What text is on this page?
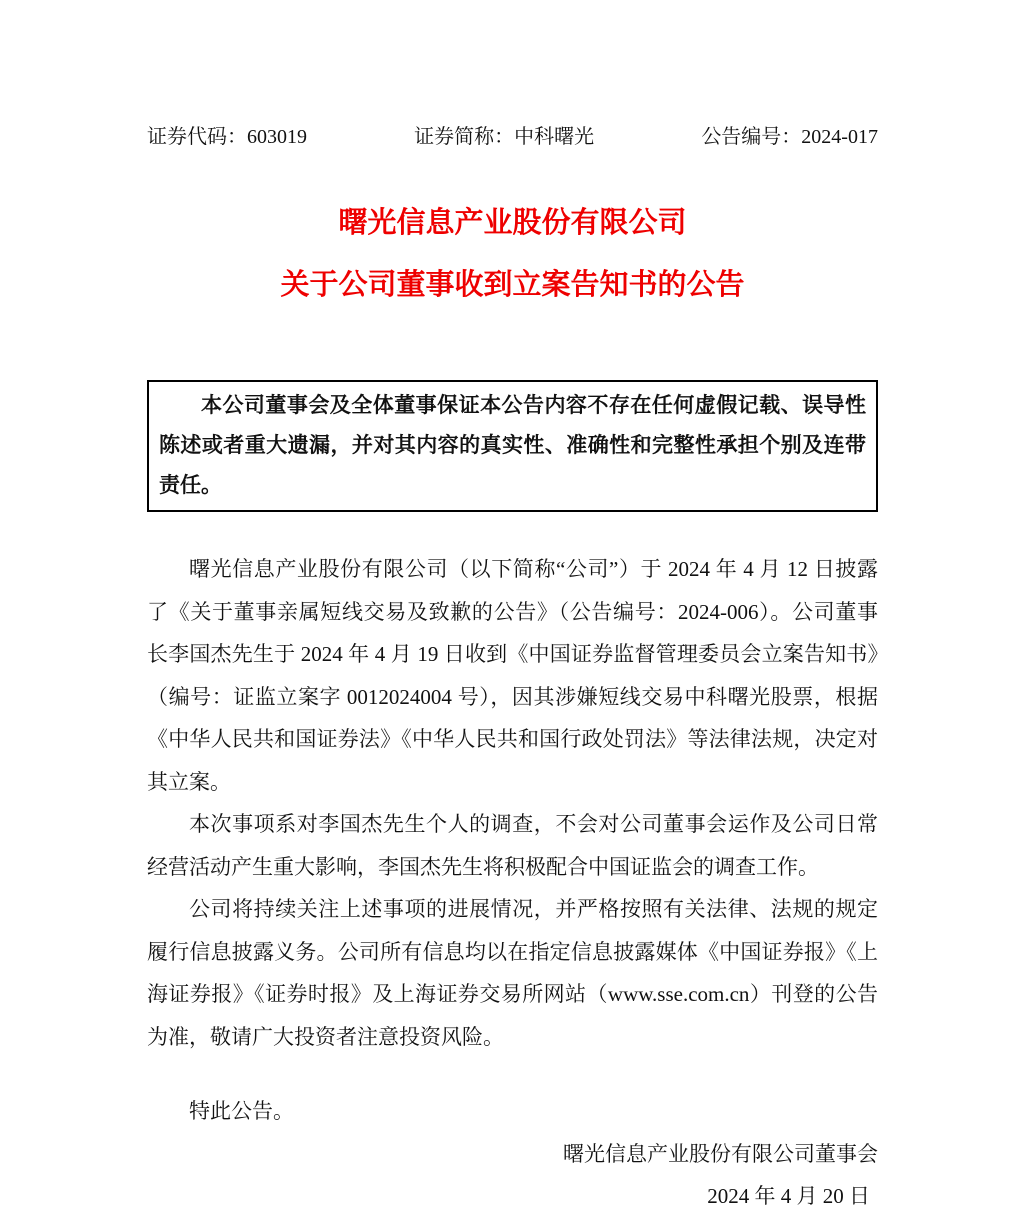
证券代码：603019	证券简称：中科曙光	公告编号：2024-017
曙光信息产业股份有限公司
关于公司董事收到立案告知书的公告

本公司董事会及全体董事保证本公告内容不存在任何虚假记载、误导性陈述或者重大遗漏，并对其内容的真实性、准确性和完整性承担个别及连带责任。

曙光信息产业股份有限公司（以下简称“公司”）于 2024 年 4 月 12 日披露了《关于董事亲属短线交易及致歉的公告》（公告编号：2024-006）。公司董事长李国杰先生于 2024 年 4 月 19 日收到《中国证券监督管理委员会立案告知书》（编号：证监立案字 0012024004 号），因其涉嫌短线交易中科曙光股票，根据《中华人民共和国证券法》《中华人民共和国行政处罚法》等法律法规，决定对其立案。

本次事项系对李国杰先生个人的调查，不会对公司董事会运作及公司日常经营活动产生重大影响，李国杰先生将积极配合中国证监会的调查工作。

公司将持续关注上述事项的进展情况，并严格按照有关法律、法规的规定履行信息披露义务。公司所有信息均以在指定信息披露媒体《中国证券报》《上海证券报》《证券时报》及上海证券交易所网站（www.sse.com.cn）刊登的公告为准，敬请广大投资者注意投资风险。

特此公告。

曙光信息产业股份有限公司董事会

2024 年 4 月 20 日
